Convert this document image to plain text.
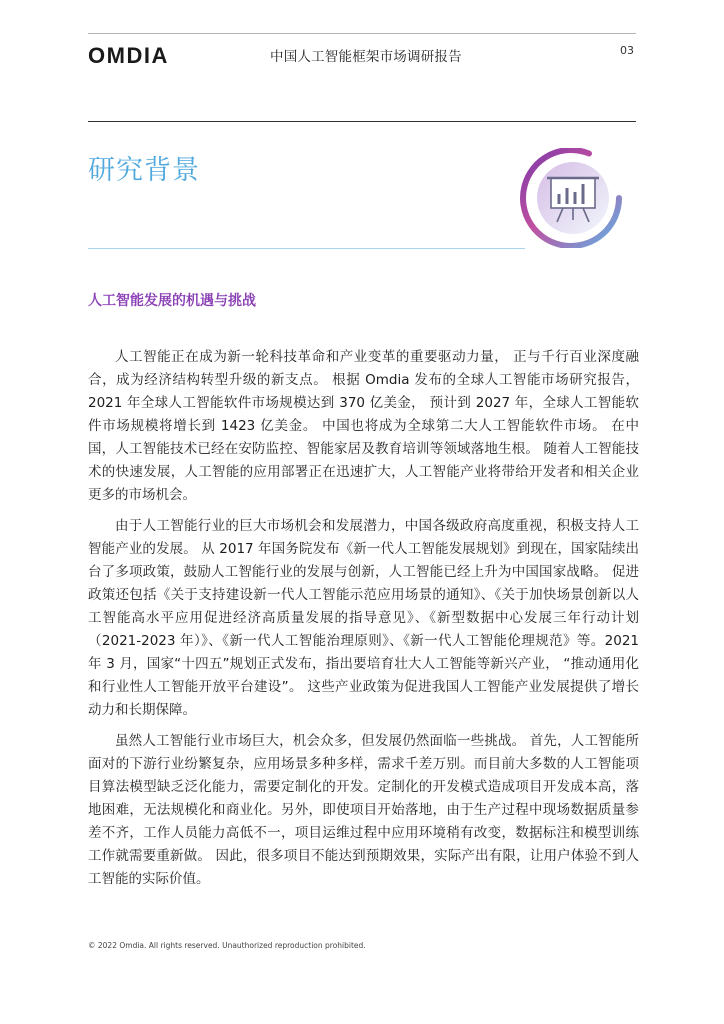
OMDIA	中国人工智能框架市场调研报告	03
研究背景
人工智能发展的机遇与挑战

人工智能正在成为新一轮科技革命和产业变革的重要驱动力量， 正与千行百业深度融合，成为经济结构转型升级的新支点。 根据 Omdia 发布的全球人工智能市场研究报告，2021 年全球人工智能软件市场规模达到 370 亿美金， 预计到 2027 年，全球人工智能软件市场规模将增长到 1423 亿美金。 中国也将成为全球第二大人工智能软件市场。 在中国，人工智能技术已经在安防监控、智能家居及教育培训等领域落地生根。 随着人工智能技术的快速发展，人工智能的应用部署正在迅速扩大，人工智能产业将带给开发者和相关企业更多的市场机会。

由于人工智能行业的巨大市场机会和发展潜力，中国各级政府高度重视，积极支持人工智能产业的发展。 从 2017 年国务院发布《新一代人工智能发展规划》到现在，国家陆续出台了多项政策，鼓励人工智能行业的发展与创新，人工智能已经上升为中国国家战略。 促进政策还包括《关于支持建设新一代人工智能示范应用场景的通知》、《关于加快场景创新以人工智能高水平应用促进经济高质量发展的指导意见》、《新型数据中心发展三年行动计划（2021-2023 年）》、《新一代人工智能治理原则》、《新一代人工智能伦理规范》等。2021 年 3 月，国家“十四五”规划正式发布，指出要培育壮大人工智能等新兴产业， “推动通用化和行业性人工智能开放平台建设”。 这些产业政策为促进我国人工智能产业发展提供了增长动力和长期保障。

虽然人工智能行业市场巨大，机会众多，但发展仍然面临一些挑战。 首先，人工智能所面对的下游行业纷繁复杂，应用场景多种多样，需求千差万别。而目前大多数的人工智能项目算法模型缺乏泛化能力，需要定制化的开发。定制化的开发模式造成项目开发成本高，落地困难，无法规模化和商业化。另外，即使项目开始落地，由于生产过程中现场数据质量参差不齐，工作人员能力高低不一，项目运维过程中应用环境稍有改变，数据标注和模型训练工作就需要重新做。 因此，很多项目不能达到预期效果，实际产出有限，让用户体验不到人工智能的实际价值。

© 2022 Omdia. All rights reserved. Unauthorized reproduction prohibited.
